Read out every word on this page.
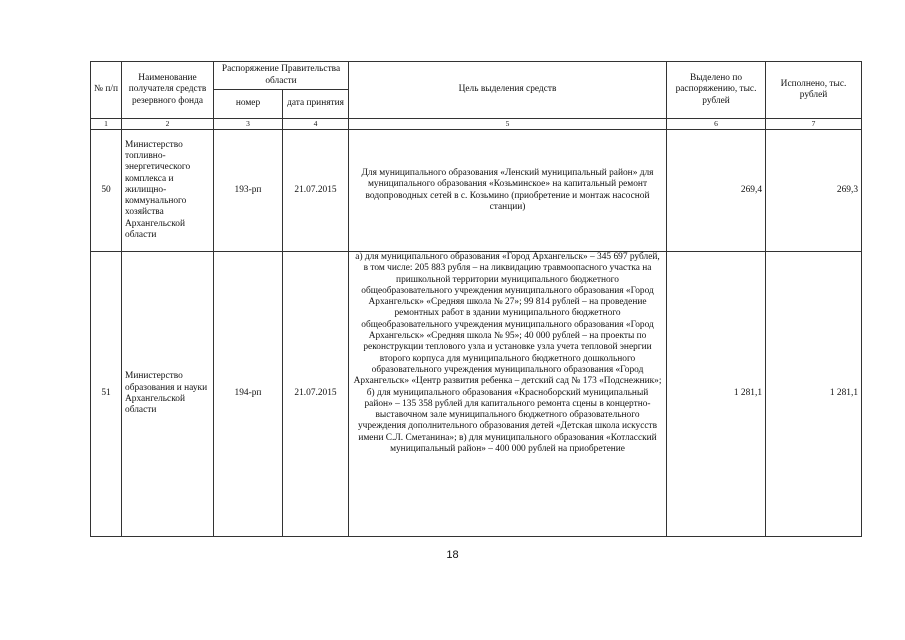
№ п/п	Наименование получателя средств резервного фонда	Распоряжение Правительства области		Цель выделения средств	Выделено по распоряжению, тыс. рублей	Исполнено, тыс. рублей
		номер	дата принятия			
1	2	3	4	5	6	7
50	Министерство топливно-энергетического комплекса и жилищно-коммунального хозяйства Архангельской области	193-рп	21.07.2015	Для муниципального образования «Ленский муниципальный район» для муниципального образования «Козьминское» на капитальный ремонт водопроводных сетей в с. Козьмино (приобретение и монтаж насосной станции)	269,4	269,3
51	Министерство образования и науки Архангельской области	194-рп	21.07.2015	а) для муниципального образования «Город Архангельск» – 345 697 рублей, в том числе: 205 883 рубля – на ликвидацию травмоопасного участка на пришкольной территории муниципального бюджетного общеобразовательного учреждения муниципального образования «Город Архангельск» «Средняя школа № 27»; 99 814 рублей – на проведение ремонтных работ в здании муниципального бюджетного общеобразовательного учреждения муниципального образования «Город Архангельск» «Средняя школа № 95»; 40 000 рублей – на проекты по реконструкции теплового узла и установке узла учета тепловой энергии второго корпуса для муниципального бюджетного дошкольного образовательного учреждения муниципального образования «Город Архангельск» «Центр развития ребенка – детский сад № 173 «Подснежник»; б) для муниципального образования «Красноборский муниципальный район» – 135 358 рублей для капитального ремонта сцены в концертно-выставочном зале муниципального бюджетного образовательного учреждения дополнительного образования детей «Детская школа искусств имени С.Л. Сметанина»; в) для муниципального образования «Котласский муниципальный район» – 400 000 рублей на приобретение	1 281,1	1 281,1
18
